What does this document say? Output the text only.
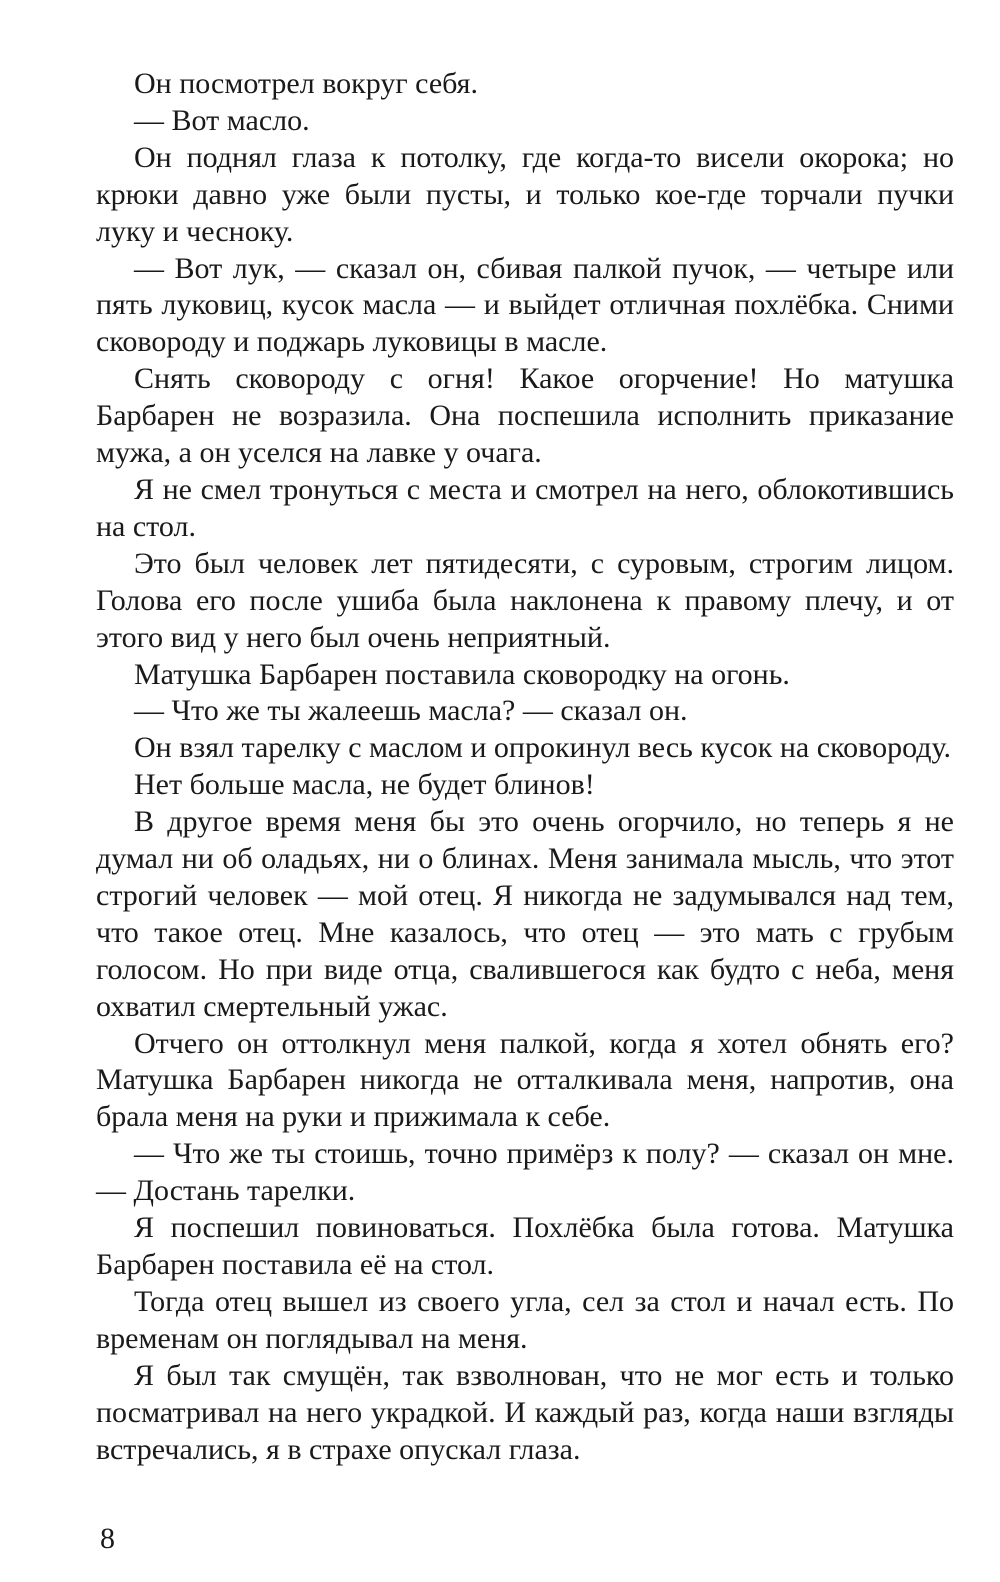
Он посмотрел вокруг себя.

— Вот масло.

Он поднял глаза к потолку, где когда-то висели окорока; но крюки давно уже были пусты, и только кое-где торчали пучки луку и чесноку.

— Вот лук, — сказал он, сбивая палкой пучок, — четыре или пять луковиц, кусок масла — и выйдет отличная похлёбка. Сними сковороду и поджарь луковицы в масле.

Снять сковороду с огня! Какое огорчение! Но матушка Барбарен не возразила. Она поспешила исполнить приказание мужа, а он уселся на лавке у очага.

Я не смел тронуться с места и смотрел на него, облокотившись на стол.

Это был человек лет пятидесяти, с суровым, строгим лицом. Голова его после ушиба была наклонена к правому плечу, и от этого вид у него был очень неприятный.

Матушка Барбарен поставила сковородку на огонь.

— Что же ты жалеешь масла? — сказал он.

Он взял тарелку с маслом и опрокинул весь кусок на сковороду.

Нет больше масла, не будет блинов!

В другое время меня бы это очень огорчило, но теперь я не думал ни об оладьях, ни о блинах. Меня занимала мысль, что этот строгий человек — мой отец. Я никогда не задумывался над тем, что такое отец. Мне казалось, что отец — это мать с грубым голосом. Но при виде отца, свалившегося как будто с неба, меня охватил смертельный ужас.

Отчего он оттолкнул меня палкой, когда я хотел обнять его? Матушка Барбарен никогда не отталкивала меня, напротив, она брала меня на руки и прижимала к себе.

— Что же ты стоишь, точно примёрз к полу? — сказал он мне. — Достань тарелки.

Я поспешил повиноваться. Похлёбка была готова. Матушка Барбарен поставила её на стол.

Тогда отец вышел из своего угла, сел за стол и начал есть. По временам он поглядывал на меня.

Я был так смущён, так взволнован, что не мог есть и только посматривал на него украдкой. И каждый раз, когда наши взгляды встречались, я в страхе опускал глаза.

8
